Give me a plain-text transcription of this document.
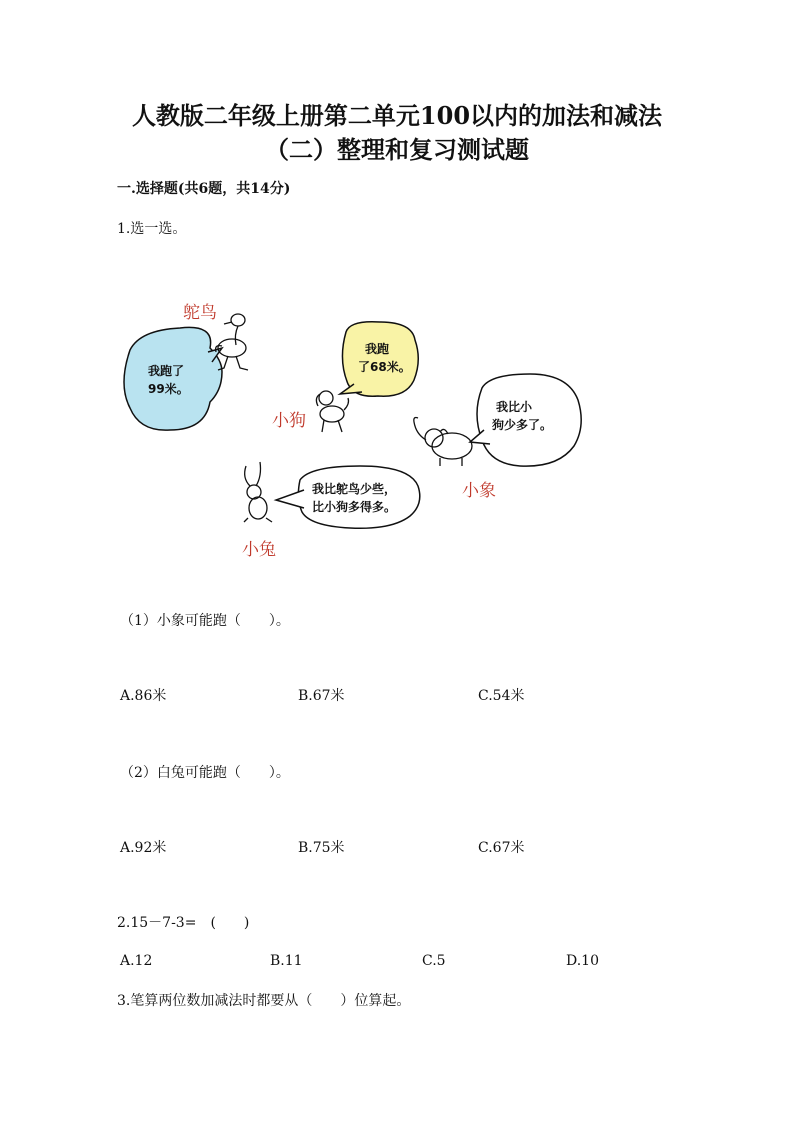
人教版二年级上册第二单元100以内的加法和减法
（二）整理和复习测试题
一.选择题(共6题，共14分)
1.选一选。
鸵鸟
小狗
小象
小兔
我跑了
99米。
我跑
了68米。
我比小
狗少多了。
我比鸵鸟少些，
比小狗多得多。
（1）小象可能跑（　　）。
A.86米	B.67米	C.54米
（2）白兔可能跑（　　）。
A.92米	B.75米	C.67米
2.15－7-3=　(　　)
A.12	B.11	C.5	D.10
3.笔算两位数加减法时都要从（　　）位算起。
